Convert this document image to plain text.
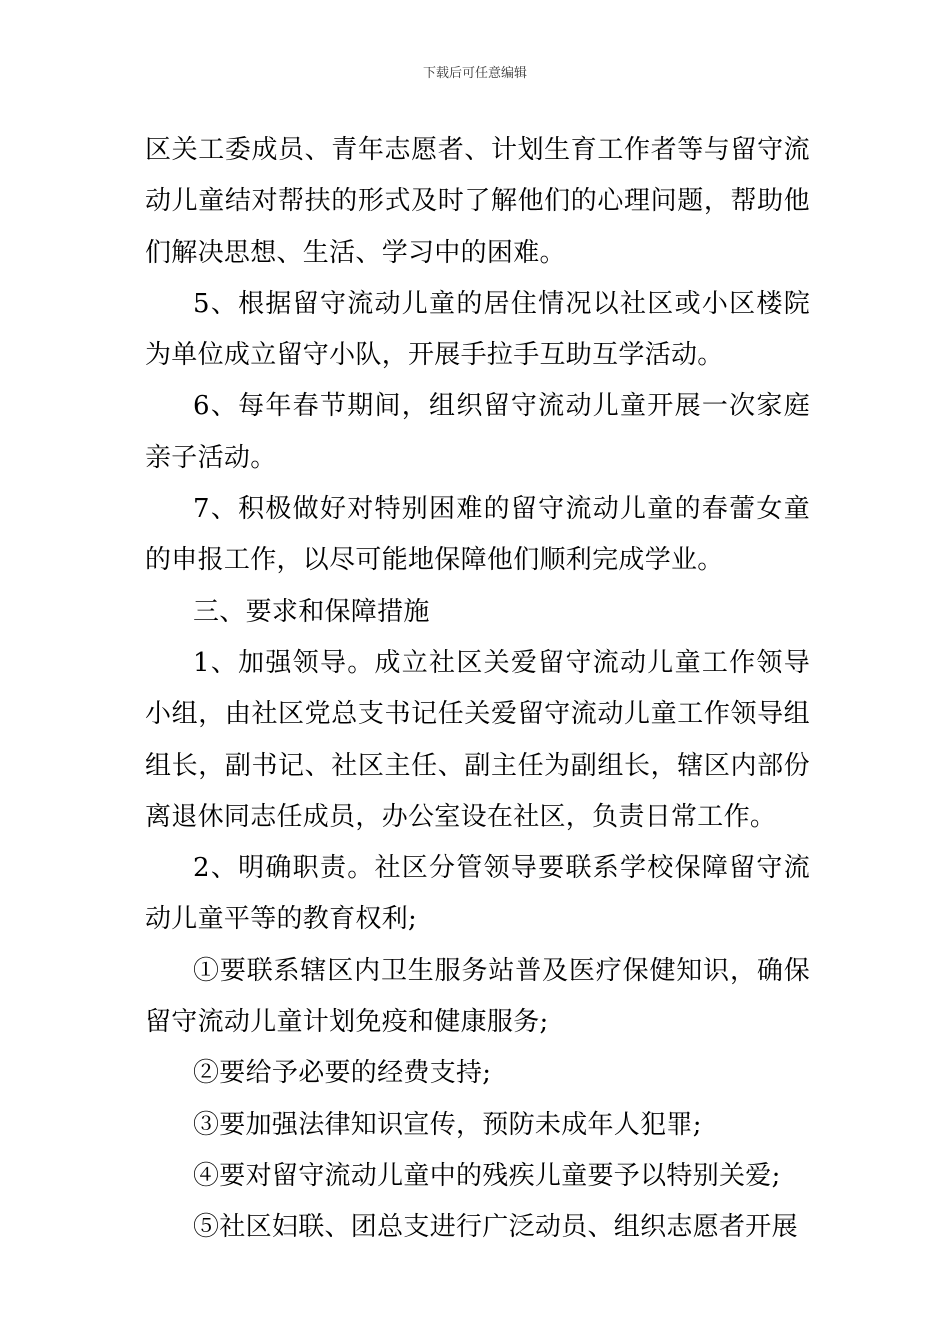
下载后可任意编辑

区关工委成员、青年志愿者、计划生育工作者等与留守流动儿童结对帮扶的形式及时了解他们的心理问题，帮助他们解决思想、生活、学习中的困难。

5、根据留守流动儿童的居住情况以社区或小区楼院为单位成立留守小队，开展手拉手互助互学活动。

6、每年春节期间，组织留守流动儿童开展一次家庭亲子活动。

7、积极做好对特别困难的留守流动儿童的春蕾女童的申报工作，以尽可能地保障他们顺利完成学业。

三、要求和保障措施

1、加强领导。成立社区关爱留守流动儿童工作领导小组，由社区党总支书记任关爱留守流动儿童工作领导组组长，副书记、社区主任、副主任为副组长，辖区内部份离退休同志任成员，办公室设在社区，负责日常工作。

2、明确职责。社区分管领导要联系学校保障留守流动儿童平等的教育权利;

①要联系辖区内卫生服务站普及医疗保健知识，确保留守流动儿童计划免疫和健康服务;

②要给予必要的经费支持;

③要加强法律知识宣传，预防未成年人犯罪;

④要对留守流动儿童中的残疾儿童要予以特别关爱;

⑤社区妇联、团总支进行广泛动员、组织志愿者开展
